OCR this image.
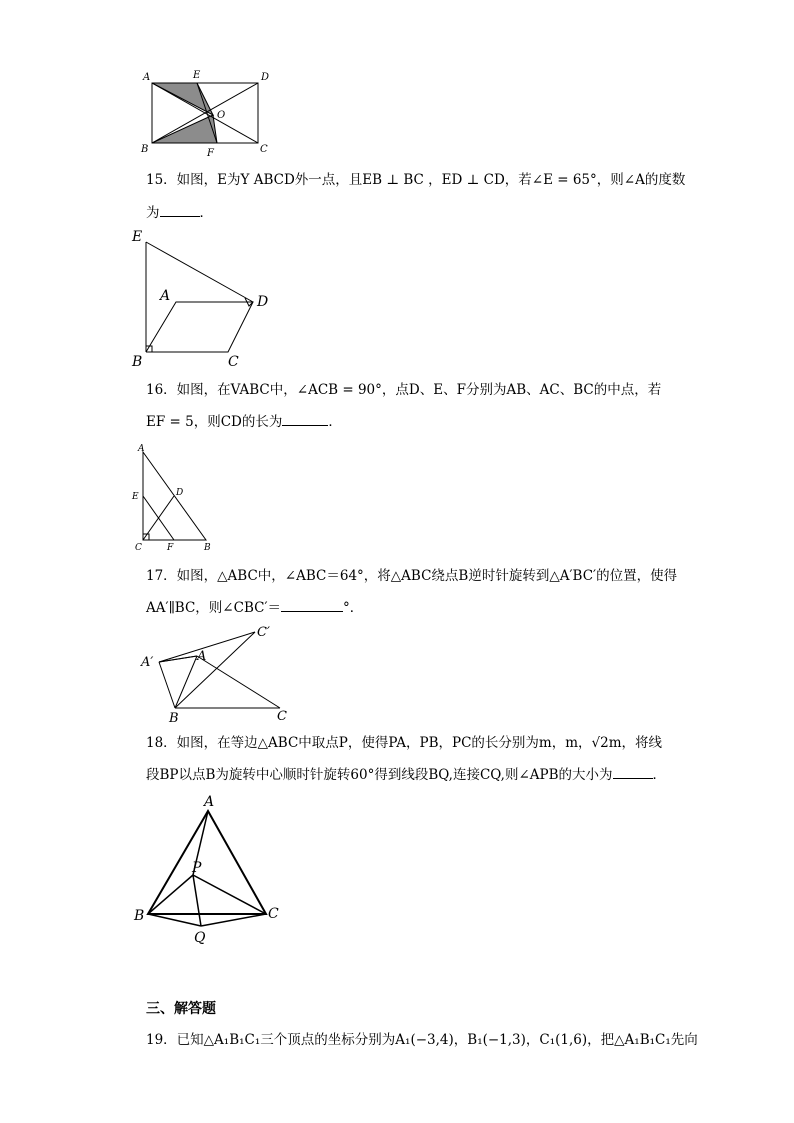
A	E	D
O
B	F	C
15．如图，E为Y ABCD外一点，且EB ⊥ BC ，ED ⊥ CD，若∠E = 65°，则∠A的度数
为	．
E
A	D
B	C
16．如图，在VABC中，∠ACB = 90°，点D、E、F分别为AB、AC、BC的中点，若
EF = 5，则CD的长为	．
A
E	D
C	F	B
17．如图，△ABC中，∠ABC＝64°，将△ABC绕点B逆时针旋转到△A′BC′的位置，使得
AA′∥BC，则∠CBC′＝	°．
C′
A′	A
B	C
18．如图，在等边△ABC中取点P，使得PA，PB，PC的长分别为m，m，√2m，将线
段BP以点B为旋转中心顺时针旋转60°得到线段BQ,连接CQ,则∠APB的大小为	．
A
P
B	C
Q
三、解答题
19．已知△A₁B₁C₁三个顶点的坐标分别为A₁(−3,4)，B₁(−1,3)，C₁(1,6)，把△A₁B₁C₁先向
